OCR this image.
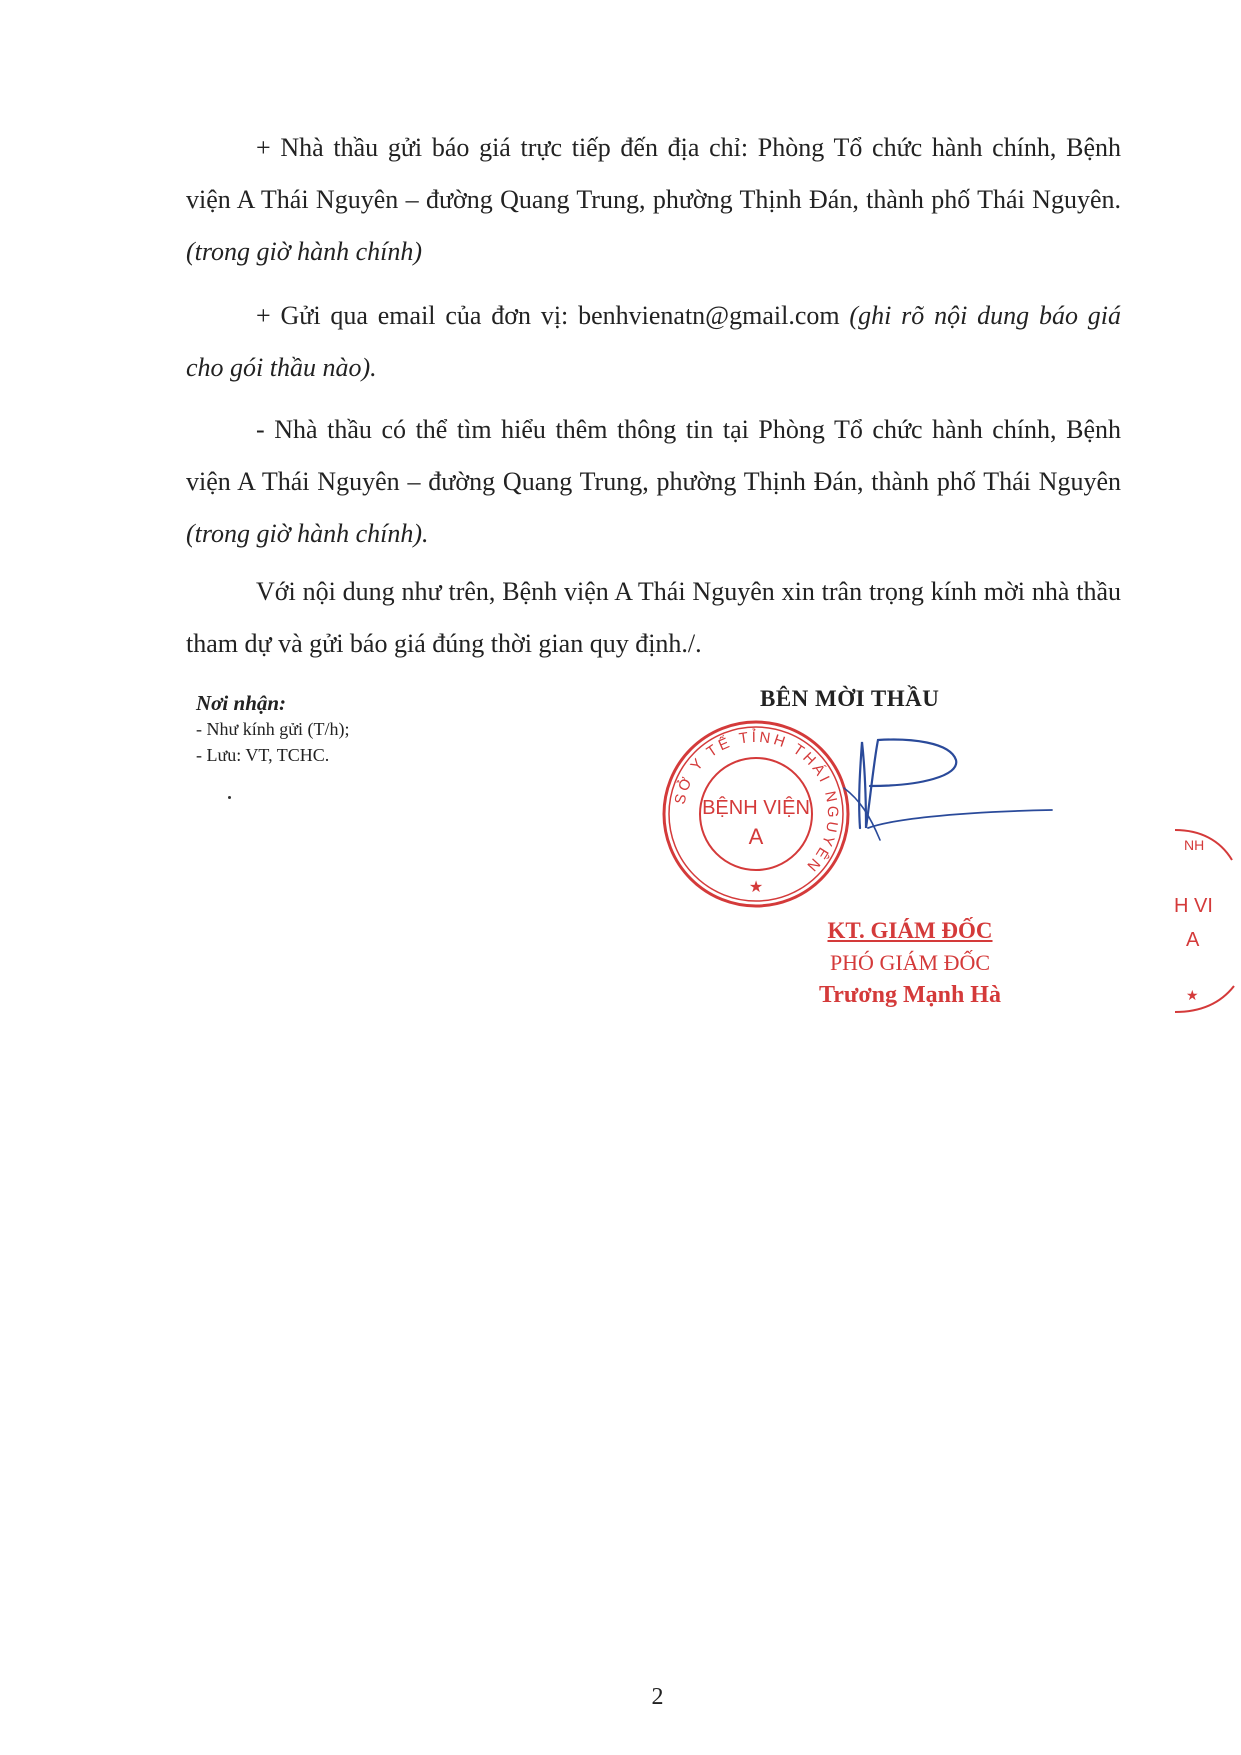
+ Nhà thầu gửi báo giá trực tiếp đến địa chỉ: Phòng Tổ chức hành chính, Bệnh viện A Thái Nguyên – đường Quang Trung, phường Thịnh Đán, thành phố Thái Nguyên. (trong giờ hành chính)

+ Gửi qua email của đơn vị: benhvienatn@gmail.com (ghi rõ nội dung báo giá cho gói thầu nào).

- Nhà thầu có thể tìm hiểu thêm thông tin tại Phòng Tổ chức hành chính, Bệnh viện A Thái Nguyên – đường Quang Trung, phường Thịnh Đán, thành phố Thái Nguyên (trong giờ hành chính).

Với nội dung như trên, Bệnh viện A Thái Nguyên xin trân trọng kính mời nhà thầu tham dự và gửi báo giá đúng thời gian quy định./.

Nơi nhận:
- Như kính gửi (T/h);
- Lưu: VT, TCHC.
BÊN MỜI THẦU
SỞ Y TẾ TỈNH THÁI NGUYÊN
BỆNH VIỆN
A
★
KT. GIÁM ĐỐC
PHÓ GIÁM ĐỐC
Trương Mạnh Hà
NH
H VI
A
★
2
